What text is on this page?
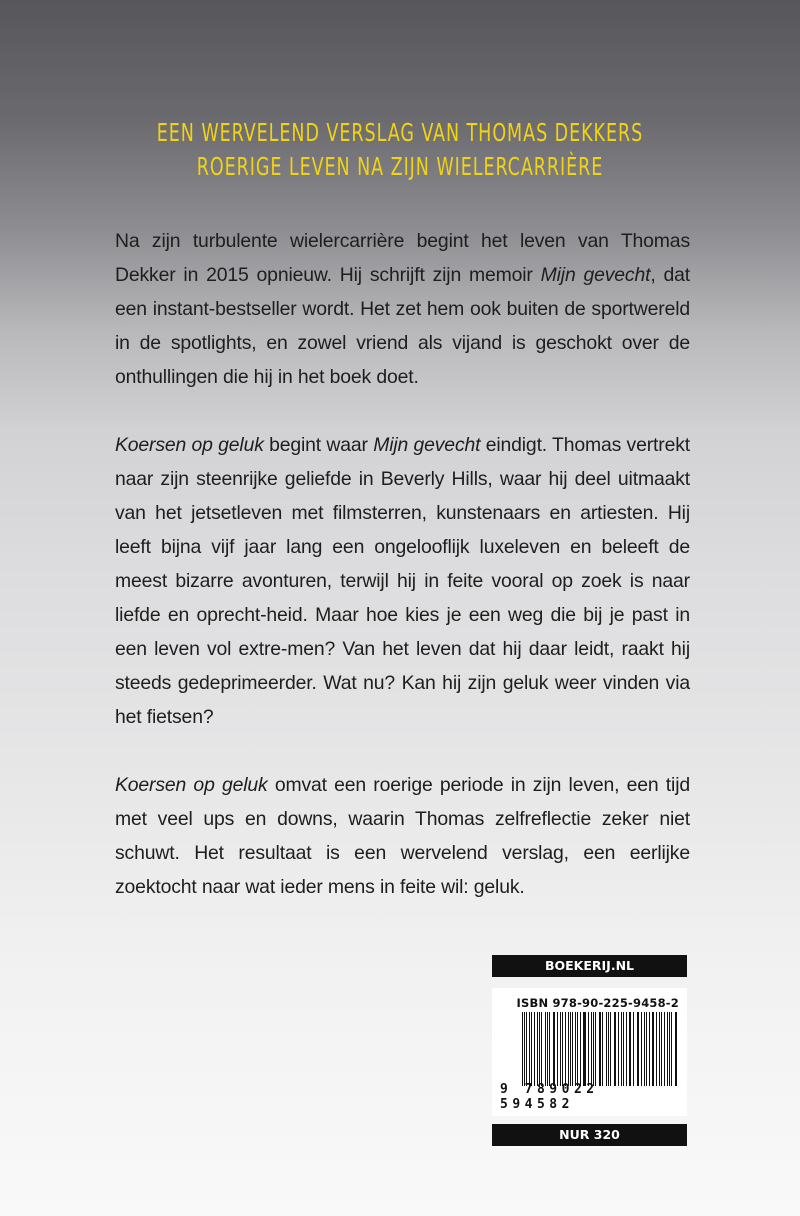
EEN WERVELEND VERSLAG VAN THOMAS DEKKERS
ROERIGE LEVEN NA ZIJN WIELERCARRIÈRE

Na zijn turbulente wielercarrière begint het leven van Thomas Dekker in 2015 opnieuw. Hij schrijft zijn memoir Mijn gevecht, dat een instant-bestseller wordt. Het zet hem ook buiten de sportwereld in de spotlights, en zowel vriend als vijand is geschokt over de onthullingen die hij in het boek doet.

Koersen op geluk begint waar Mijn gevecht eindigt. Thomas vertrekt naar zijn steenrijke geliefde in Beverly Hills, waar hij deel uitmaakt van het jetsetleven met filmsterren, kunstenaars en artiesten. Hij leeft bijna vijf jaar lang een ongelooflijk luxeleven en beleeft de meest bizarre avonturen, terwijl hij in feite vooral op zoek is naar liefde en oprecht-heid. Maar hoe kies je een weg die bij je past in een leven vol extre-men? Van het leven dat hij daar leidt, raakt hij steeds gedeprimeerder. Wat nu? Kan hij zijn geluk weer vinden via het fietsen?

Koersen op geluk omvat een roerige periode in zijn leven, een tijd met veel ups en downs, waarin Thomas zelfreflectie zeker niet schuwt. Het resultaat is een wervelend verslag, een eerlijke zoektocht naar wat ieder mens in feite wil: geluk.

BOEKERIJ.NL
ISBN 978-90-225-9458-2
9 789022 594582
NUR 320
